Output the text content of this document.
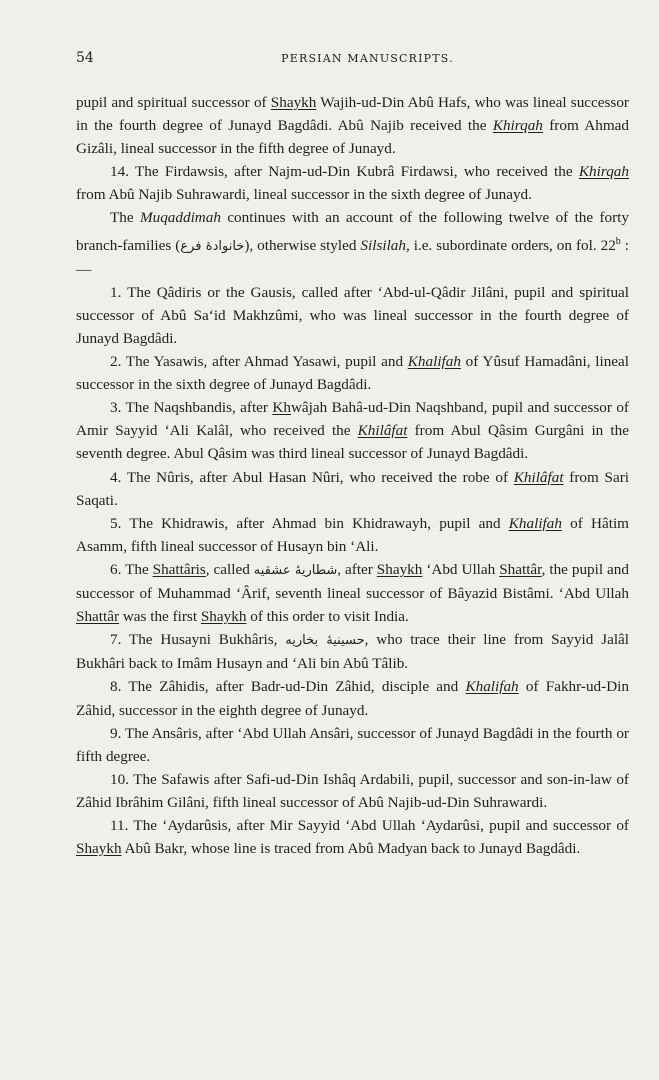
54	PERSIAN MANUSCRIPTS.

pupil and spiritual successor of Shaykh Wajih-ud-Din Abû Hafs, who was lineal successor in the fourth degree of Junayd Bagdâdi. Abû Najib received the Khirqah from Ahmad Gizâli, lineal successor in the fifth degree of Junayd.

14. The Firdawsis, after Najm-ud-Din Kubrâ Firdawsi, who received the Khirqah from Abû Najib Suhrawardi, lineal successor in the sixth degree of Junayd.

The Muqaddimah continues with an account of the following twelve of the forty branch-families (خانوادهٔ فرع), otherwise styled Silsilah, i.e. subordinate orders, on fol. 22$^b$ :—

1. The Qâdiris or the Gausis, called after ‘Abd-ul-Qâdir Jilâni, pupil and spiritual successor of Abû Sa‘id Makhzûmi, who was lineal successor in the fourth degree of Junayd Bagdâdi.

2. The Yasawis, after Ahmad Yasawi, pupil and Khalifah of Yûsuf Hamadâni, lineal successor in the sixth degree of Junayd Bagdâdi.

3. The Naqshbandis, after Khwâjah Bahâ-ud-Din Naqshband, pupil and successor of Amir Sayyid ‘Ali Kalâl, who received the Khilâfat from Abul Qâsim Gurgâni in the seventh degree. Abul Qâsim was third lineal successor of Junayd Bagdâdi.

4. The Nûris, after Abul Hasan Nûri, who received the robe of Khilâfat from Sari Saqati.

5. The Khidrawis, after Ahmad bin Khidrawayh, pupil and Khalifah of Hâtim Asamm, fifth lineal successor of Husayn bin ‘Ali.

6. The Shattâris, called شطاریهٔ عشقیه, after Shaykh ‘Abd Ullah Shattâr, the pupil and successor of Muhammad ‘Ârif, seventh lineal successor of Bâyazid Bistâmi. ‘Abd Ullah Shattâr was the first Shaykh of this order to visit India.

7. The Husayni Bukhâris, حسینیهٔ بخاریه, who trace their line from Sayyid Jalâl Bukhâri back to Imâm Husayn and ‘Ali bin Abû Tâlib.

8. The Zâhidis, after Badr-ud-Din Zâhid, disciple and Khalifah of Fakhr-ud-Din Zâhid, successor in the eighth degree of Junayd.

9. The Ansâris, after ‘Abd Ullah Ansâri, successor of Junayd Bagdâdi in the fourth or fifth degree.

10. The Safawis after Safi-ud-Din Ishâq Ardabili, pupil, successor and son-in-law of Zâhid Ibrâhim Gilâni, fifth lineal successor of Abû Najib-ud-Din Suhrawardi.

11. The ‘Aydarûsis, after Mir Sayyid ‘Abd Ullah ‘Aydarûsi, pupil and successor of Shaykh Abû Bakr, whose line is traced from Abû Madyan back to Junayd Bagdâdi.
